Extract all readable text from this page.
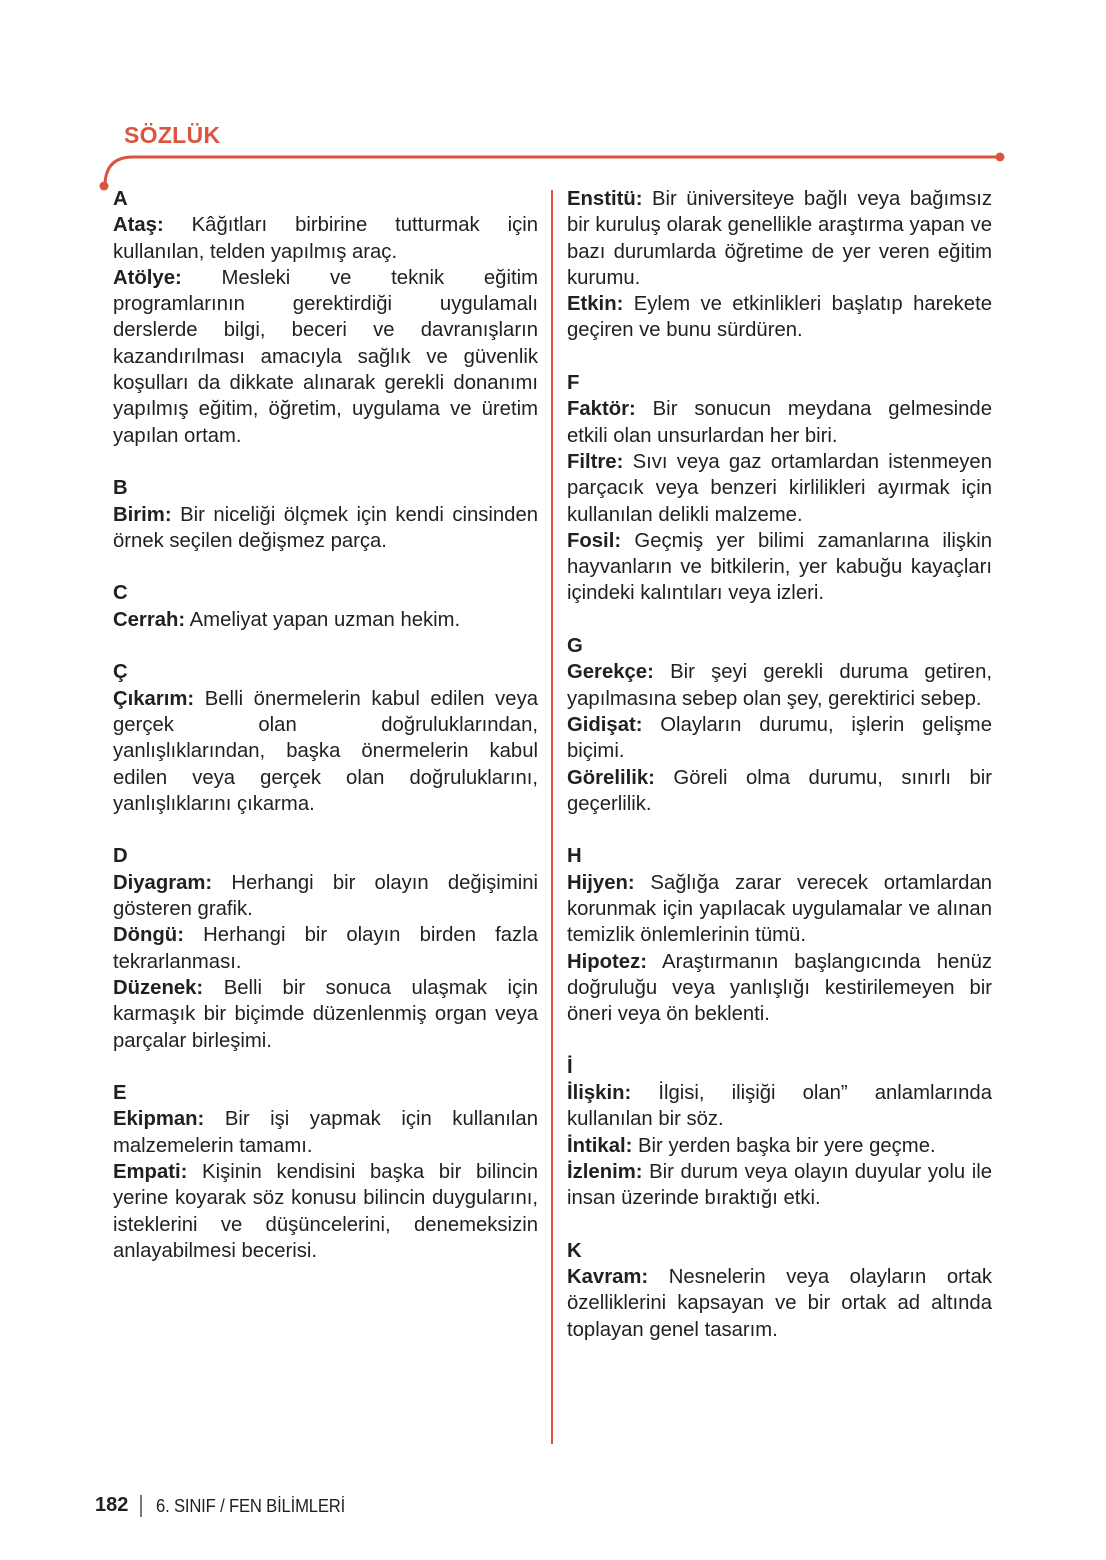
SÖZLÜK
A
Ataş: Kâğıtları birbirine tutturmak için kullanılan, telden yapılmış araç.
Atölye: Mesleki ve teknik eğitim programlarının gerektirdiği uygulamalı derslerde bilgi, beceri ve davranışların kazandırılması amacıyla sağlık ve güvenlik koşulları da dikkate alınarak gerekli donanımı yapılmış eğitim, öğretim, uygulama ve üretim yapılan ortam.
B
Birim: Bir niceliği ölçmek için kendi cinsinden örnek seçilen değişmez parça.
C
Cerrah: Ameliyat yapan uzman hekim.
Ç
Çıkarım: Belli önermelerin kabul edilen veya gerçek olan doğruluklarından, yanlışlıklarından, başka önermelerin kabul edilen veya gerçek olan doğruluklarını, yanlışlıklarını çıkarma.
D
Diyagram: Herhangi bir olayın değişimini gösteren grafik.
Döngü: Herhangi bir olayın birden fazla tekrarlanması.
Düzenek: Belli bir sonuca ulaşmak için karmaşık bir biçimde düzenlenmiş organ veya parçalar birleşimi.
E
Ekipman: Bir işi yapmak için kullanılan malzemelerin tamamı.
Empati: Kişinin kendisini başka bir bilincin yerine koyarak söz konusu bilincin duygularını, isteklerini ve düşüncelerini, denemeksizin anlayabilmesi becerisi.
Enstitü: Bir üniversiteye bağlı veya bağımsız bir kuruluş olarak genellikle araştırma yapan ve bazı durumlarda öğretime de yer veren eğitim kurumu.
Etkin: Eylem ve etkinlikleri başlatıp harekete geçiren ve bunu sürdüren.
F
Faktör: Bir sonucun meydana gelmesinde etkili olan unsurlardan her biri.
Filtre: Sıvı veya gaz ortamlardan istenmeyen parçacık veya benzeri kirlilikleri ayırmak için kullanılan delikli malzeme.
Fosil: Geçmiş yer bilimi zamanlarına ilişkin hayvanların ve bitkilerin, yer kabuğu kayaçları içindeki kalıntıları veya izleri.
G
Gerekçe: Bir şeyi gerekli duruma getiren, yapılmasına sebep olan şey, gerektirici sebep.
Gidişat: Olayların durumu, işlerin gelişme biçimi.
Görelilik: Göreli olma durumu, sınırlı bir geçerlilik.
H
Hijyen: Sağlığa zarar verecek ortamlardan korunmak için yapılacak uygulamalar ve alınan temizlik önlemlerinin tümü.
Hipotez: Araştırmanın başlangıcında henüz doğruluğu veya yanlışlığı kestirilemeyen bir öneri veya ön beklenti.
İ
İlişkin: İlgisi, ilişiği olan” anlamlarında kullanılan bir söz.
İntikal: Bir yerden başka bir yere geçme.
İzlenim: Bir durum veya olayın duyular yolu ile insan üzerinde bıraktığı etki.
K
Kavram: Nesnelerin veya olayların ortak özelliklerini kapsayan ve bir ortak ad altında toplayan genel tasarım.
182 6. SINIF / FEN BİLİMLERİ
